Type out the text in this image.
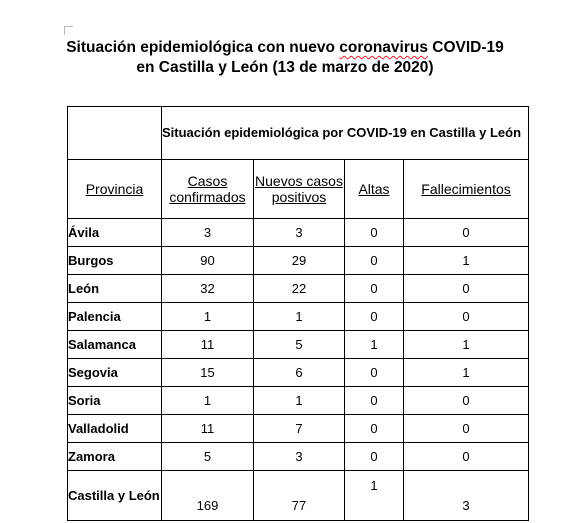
Situación epidemiológica con nuevo coronavirus COVID-19
en Castilla y León (13 de marzo de 2020)
	Situación epidemiológica por COVID-19 en Castilla y León			
Provincia	Casos confirmados	Nuevos casos positivos	Altas	Fallecimientos
Ávila	3	3	0	0
Burgos	90	29	0	1
León	32	22	0	0
Palencia	1	1	0	0
Salamanca	11	5	1	1
Segovia	15	6	0	1
Soria	1	1	0	0
Valladolid	11	7	0	0
Zamora	5	3	0	0
Castilla y León	169	77	1	3
